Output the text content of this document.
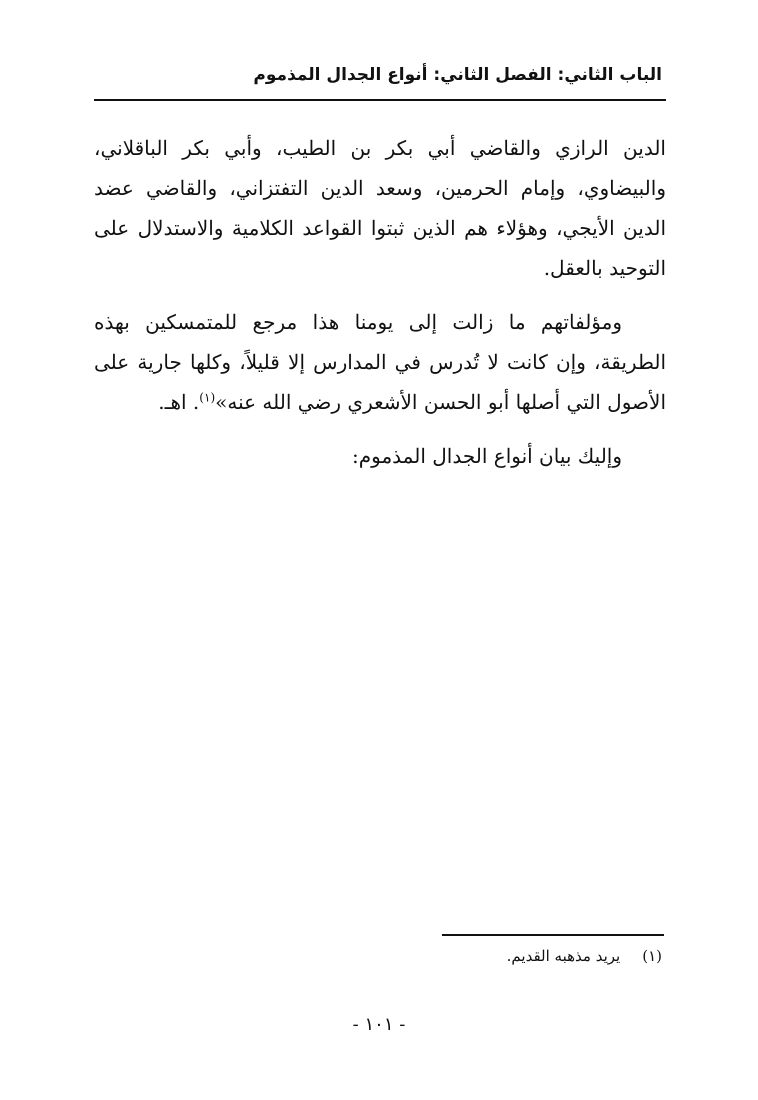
الباب الثاني: الفصل الثاني: أنواع الجدال المذموم

الدين الرازي والقاضي أبي بكر بن الطيب، وأبي بكر الباقلاني، والبيضاوي، وإمام الحرمين، وسعد الدين التفتزاني، والقاضي عضد الدين الأيجي، وهؤلاء هم الذين ثبتوا القواعد الكلامية والاستدلال على التوحيد بالعقل.

ومؤلفاتهم ما زالت إلى يومنا هذا مرجع للمتمسكين بهذه الطريقة، وإن كانت لا تُدرس في المدارس إلا قليلاً، وكلها جارية على الأصول التي أصلها أبو الحسن الأشعري رضي الله عنه»$^{(١)}$. اهـ.

وإليك بيان أنواع الجدال المذموم:

(١)يريد مذهبه القديم.
- ١٠١ -
